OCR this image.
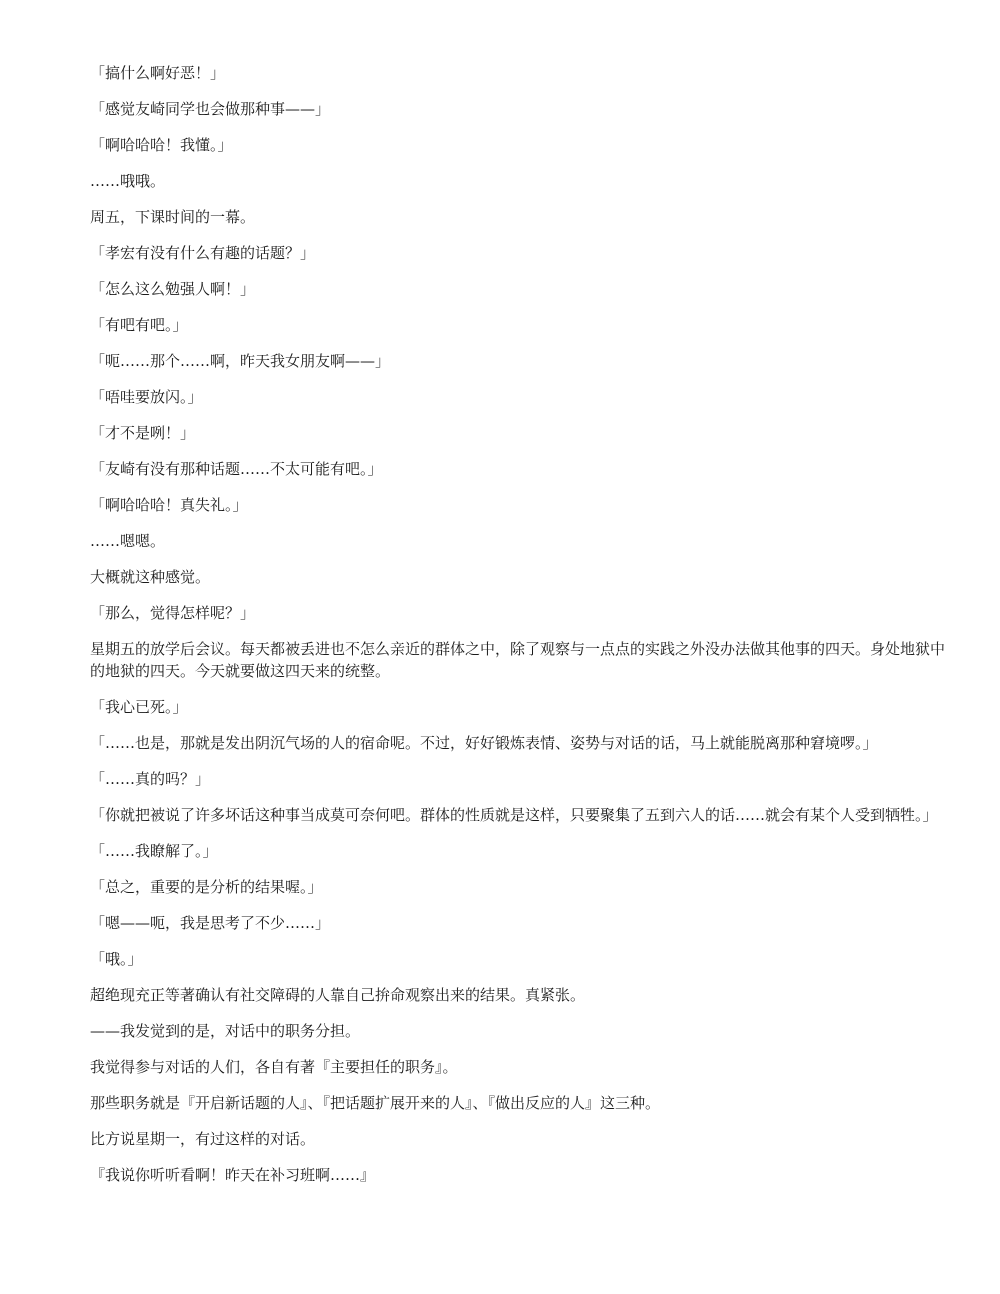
「搞什么啊好恶！」

「感觉友崎同学也会做那种事——」

「啊哈哈哈！我懂。」

……哦哦。

周五，下课时间的一幕。

「孝宏有没有什么有趣的话题？」

「怎么这么勉强人啊！」

「有吧有吧。」

「呃……那个……啊，昨天我女朋友啊——」

「唔哇要放闪。」

「才不是咧！」

「友崎有没有那种话题……不太可能有吧。」

「啊哈哈哈！真失礼。」

……嗯嗯。

大概就这种感觉。

「那么，觉得怎样呢？」

星期五的放学后会议。每天都被丢进也不怎么亲近的群体之中，除了观察与一点点的实践之外没办法做其他事的四天。身处地狱中的地狱的四天。今天就要做这四天来的统整。

「我心已死。」

「……也是，那就是发出阴沉气场的人的宿命呢。不过，好好锻炼表情、姿势与对话的话，马上就能脱离那种窘境啰。」

「……真的吗？」

「你就把被说了许多坏话这种事当成莫可奈何吧。群体的性质就是这样，只要聚集了五到六人的话……就会有某个人受到牺牲。」

「……我瞭解了。」

「总之，重要的是分析的结果喔。」

「嗯——呃，我是思考了不少……」

「哦。」

超绝现充正等著确认有社交障碍的人靠自己拚命观察出来的结果。真紧张。

——我发觉到的是，对话中的职务分担。

我觉得参与对话的人们，各自有著『主要担任的职务』。

那些职务就是『开启新话题的人』、『把话题扩展开来的人』、『做出反应的人』这三种。

比方说星期一，有过这样的对话。

『我说你听听看啊！昨天在补习班啊……』
